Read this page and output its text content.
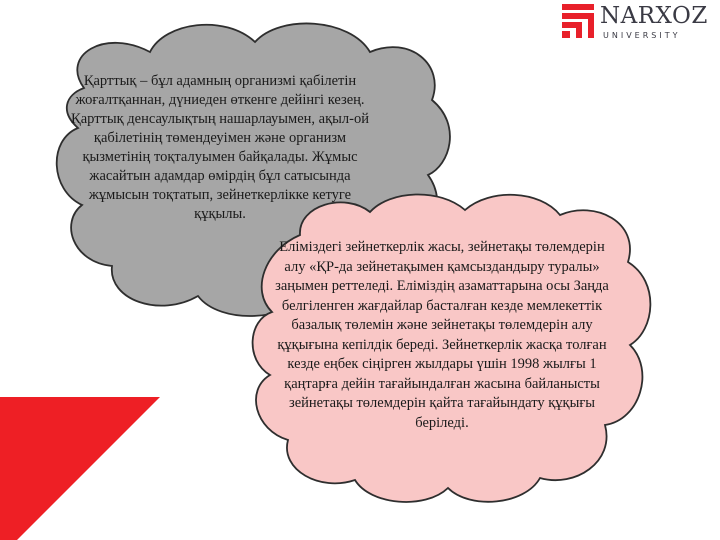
NARXOZ
UNIVERSITY
Қарттық – бұл адамның организмі қабілетін жоғалтқаннан, дүниеден өткенге дейінгі кезең. Қарттық денсаулықтың нашарлауымен, ақыл-ой қабілетінің төмендеуімен және организм қызметінің тоқталуымен байқалады. Жұмыс жасайтын адамдар өмірдің бұл сатысында жұмысын тоқтатып, зейнеткерлікке кетуге құқылы.
Еліміздегі зейнеткерлік жасы, зейнетақы төлемдерін алу «ҚР-да зейнетақымен қамсыздандыру туралы» заңымен реттеледі. Еліміздің азаматтарына осы Заңда белгіленген жағдайлар басталған кезде мемлекеттік базалық төлемін және зейнетақы төлемдерін алу құқығына кепілдік береді. Зейнеткерлік жасқа толған кезде еңбек сіңірген жылдары үшін 1998 жылғы 1 қаңтарға дейін тағайындалған жасына байланысты зейнетақы төлемдерін қайта тағайындату құқығы беріледі.
